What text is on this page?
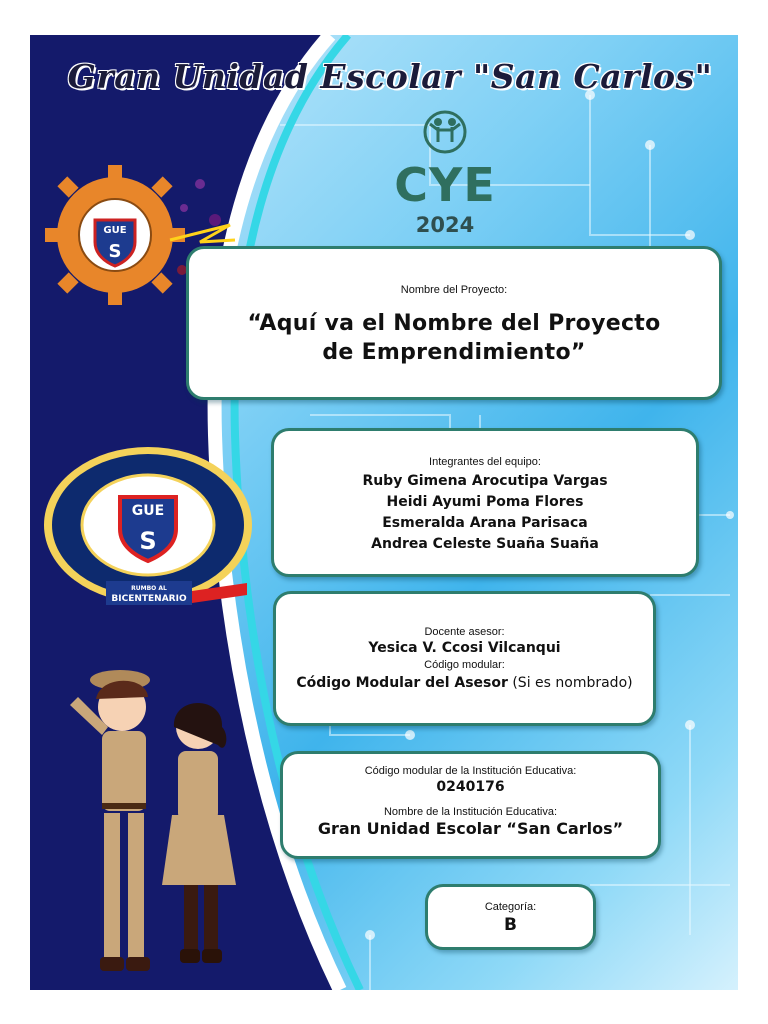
Gran Unidad Escolar "San Carlos"
CYE
2024
GUE
S
GUE
S
RUMBO AL
BICENTENARIO
Nombre del Proyecto:
“Aquí va el Nombre del Proyecto
de Emprendimiento”
Integrantes del equipo:
Ruby Gimena Arocutipa Vargas
Heidi Ayumi Poma Flores
Esmeralda Arana Parisaca
Andrea Celeste Suaña Suaña
Docente asesor:
Yesica V. Ccosi Vilcanqui
Código modular:
Código Modular del Asesor (Si es nombrado)
Código modular de la Institución Educativa:
0240176
Nombre de la Institución Educativa:
Gran Unidad Escolar “San Carlos”
Categoría:
B
